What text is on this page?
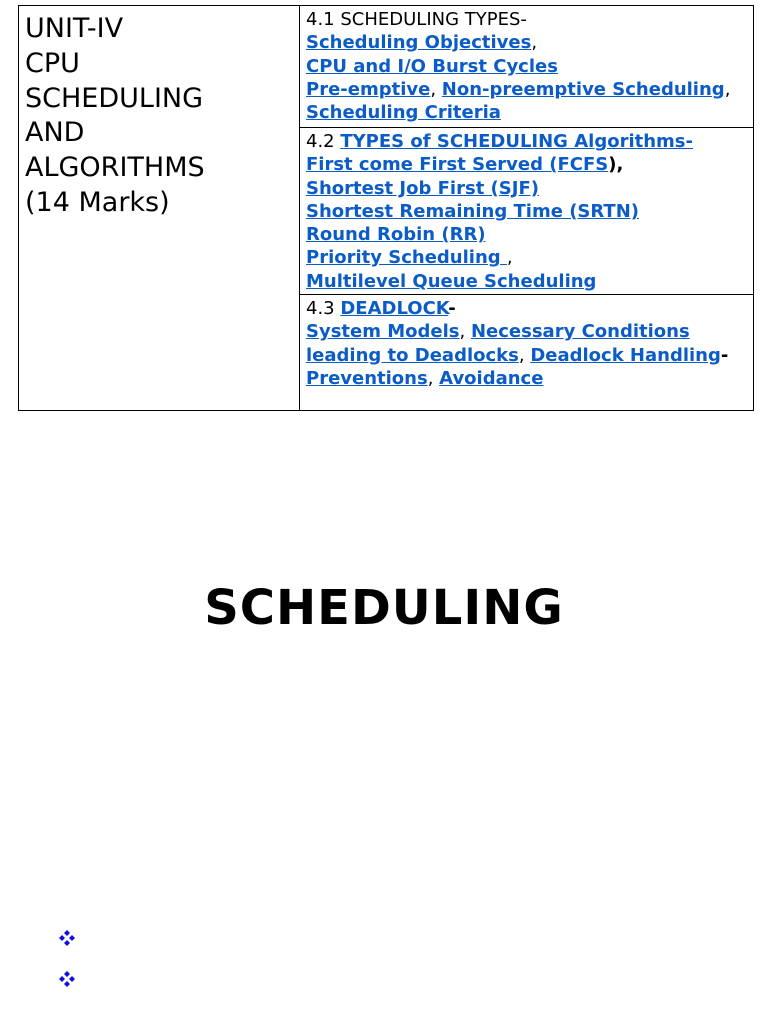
UNIT-IV
CPU
SCHEDULING
AND
ALGORITHMS
(14 Marks)
	4.1 SCHEDULING TYPES-
Scheduling Objectives,
CPU and I/O Burst Cycles
Pre-emptive, Non-preemptive Scheduling, Scheduling Criteria
4.2 TYPES of SCHEDULING Algorithms-
First come First Served (FCFS),
Shortest Job First (SJF)
Shortest Remaining Time (SRTN)
Round Robin (RR)
Priority Scheduling ,
Multilevel Queue Scheduling
4.3 DEADLOCK-
System Models, Necessary Conditions leading to Deadlocks, Deadlock Handling-Preventions, Avoidance
SCHEDULING
